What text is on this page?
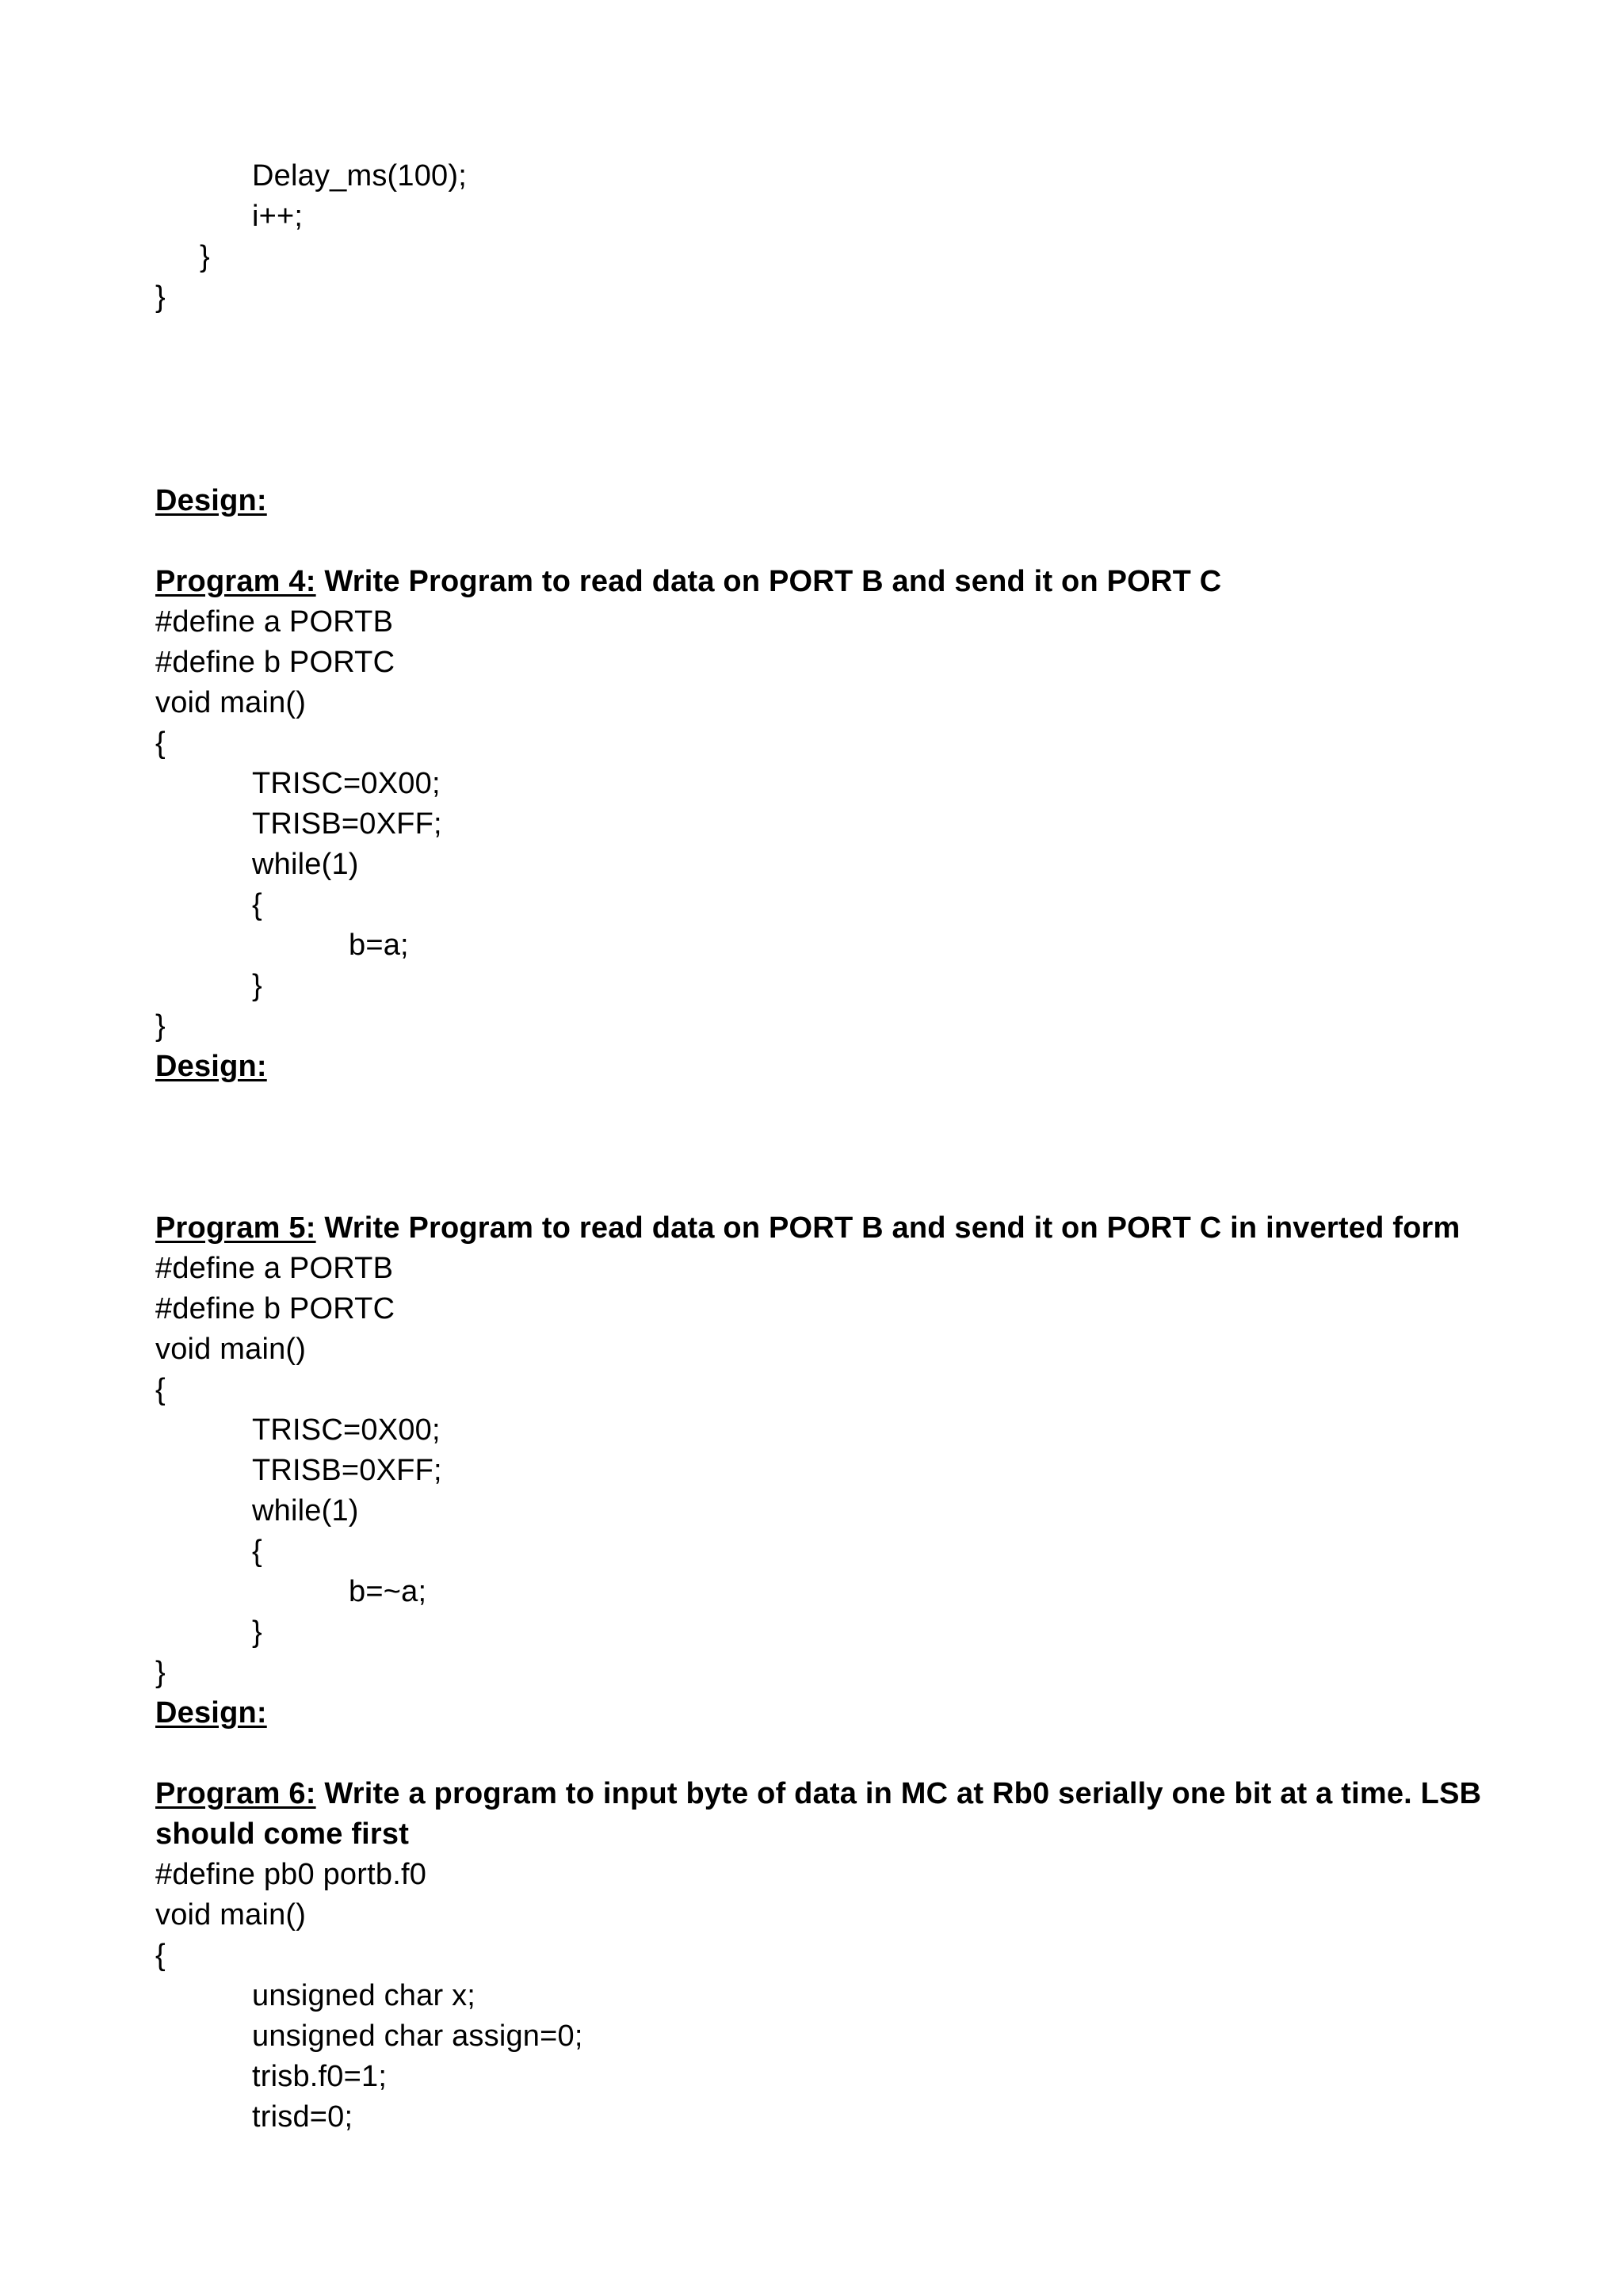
Delay_ms(100);
i++;
}
}
Design:
Program 4: Write Program to read data on PORT B and send it on PORT C
#define a PORTB
#define b PORTC
void main()
{
TRISC=0X00;
TRISB=0XFF;
while(1)
{
b=a;
}
}
Design:
Program 5: Write Program to read data on PORT B and send it on PORT C in inverted form
#define a PORTB
#define b PORTC
void main()
{
TRISC=0X00;
TRISB=0XFF;
while(1)
{
b=~a;
}
}
Design:
Program 6: Write a program to input byte of data in MC at Rb0 serially one bit at a time. LSB
should come first
#define pb0 portb.f0
void main()
{
unsigned char x;
unsigned char assign=0;
trisb.f0=1;
trisd=0;
